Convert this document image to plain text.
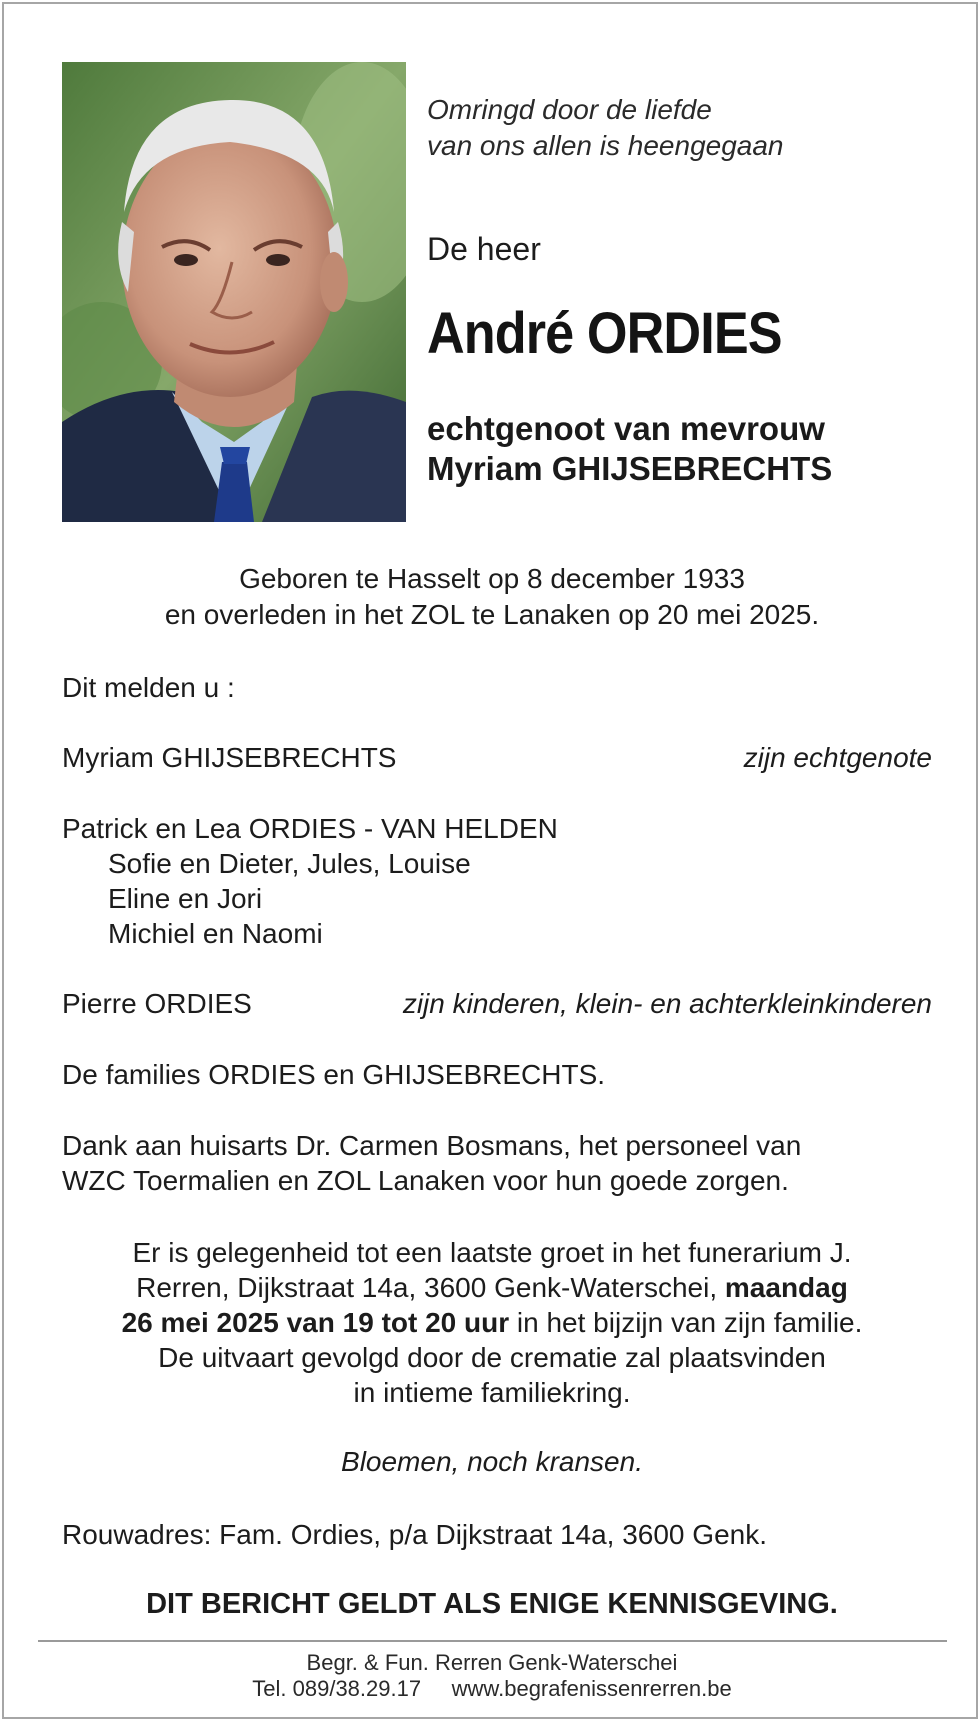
Omringd door de liefde
van ons allen is heengegaan
De heer
André ORDIES
echtgenoot van mevrouw
Myriam GHIJSEBRECHTS
Geboren te Hasselt op 8 december 1933
en overleden in het ZOL te Lanaken op 20 mei 2025.
Dit melden u :
Myriam GHIJSEBRECHTS	zijn echtgenote
Patrick en Lea ORDIES - VAN HELDEN
Sofie en Dieter, Jules, Louise
Eline en Jori
Michiel en Naomi
Pierre ORDIES	zijn kinderen, klein- en achterkleinkinderen
De families ORDIES en GHIJSEBRECHTS.
Dank aan huisarts Dr. Carmen Bosmans, het personeel van
WZC Toermalien en ZOL Lanaken voor hun goede zorgen.
Er is gelegenheid tot een laatste groet in het funerarium J.
Rerren, Dijkstraat 14a, 3600 Genk-Waterschei, maandag
26 mei 2025 van 19 tot 20 uur in het bijzijn van zijn familie.
De uitvaart gevolgd door de crematie zal plaatsvinden
in intieme familiekring.
Bloemen, noch kransen.
Rouwadres: Fam. Ordies, p/a Dijkstraat 14a, 3600 Genk.
DIT BERICHT GELDT ALS ENIGE KENNISGEVING.
Begr. & Fun. Rerren Genk-Waterschei
Tel. 089/38.29.17 www.begrafenissenrerren.be
